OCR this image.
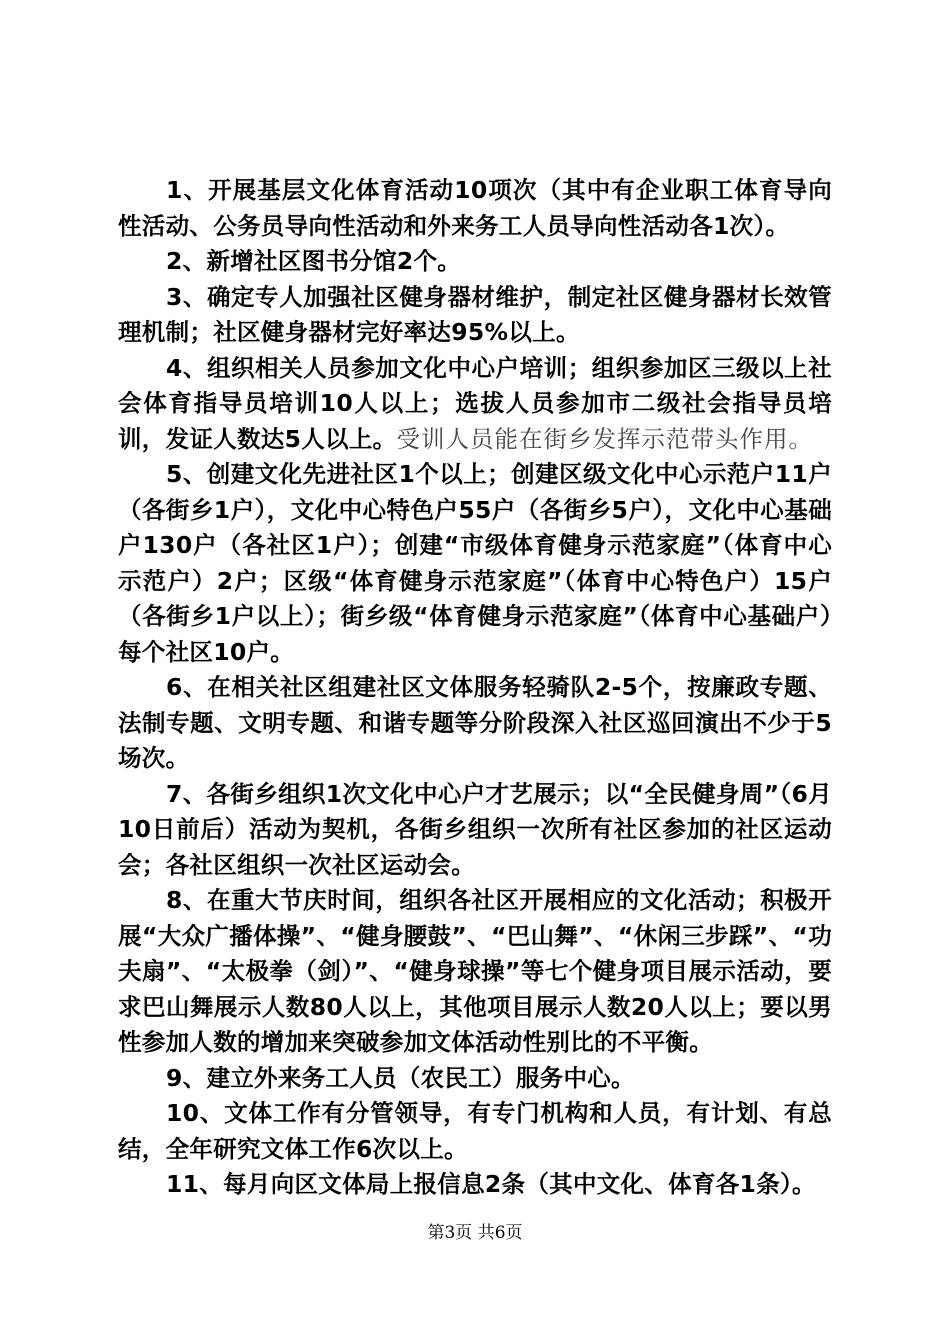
1、开展基层文化体育活动10项次（其中有企业职工体育导向性活动、公务员导向性活动和外来务工人员导向性活动各1次）。

2、新增社区图书分馆2个。

3、确定专人加强社区健身器材维护，制定社区健身器材长效管理机制；社区健身器材完好率达95%以上。

4、组织相关人员参加文化中心户培训；组织参加区三级以上社会体育指导员培训10人以上；选拔人员参加市二级社会指导员培训，发证人数达5人以上。受训人员能在街乡发挥示范带头作用。

5、创建文化先进社区1个以上；创建区级文化中心示范户11户（各街乡1户），文化中心特色户55户（各街乡5户），文化中心基础户130户（各社区1户）；创建“市级体育健身示范家庭”（体育中心示范户）2户；区级“体育健身示范家庭”（体育中心特色户）15户（各街乡1户以上）；街乡级“体育健身示范家庭”（体育中心基础户）每个社区10户。

6、在相关社区组建社区文体服务轻骑队2-5个，按廉政专题、法制专题、文明专题、和谐专题等分阶段深入社区巡回演出不少于5场次。

7、各街乡组织1次文化中心户才艺展示；以“全民健身周”（6月10日前后）活动为契机，各街乡组织一次所有社区参加的社区运动会；各社区组织一次社区运动会。

8、在重大节庆时间，组织各社区开展相应的文化活动；积极开展“大众广播体操”、“健身腰鼓”、“巴山舞”、“休闲三步踩”、“功夫扇”、“太极拳（剑）”、“健身球操”等七个健身项目展示活动，要求巴山舞展示人数80人以上，其他项目展示人数20人以上；要以男性参加人数的增加来突破参加文体活动性别比的不平衡。

9、建立外来务工人员（农民工）服务中心。

10、文体工作有分管领导，有专门机构和人员，有计划、有总结，全年研究文体工作6次以上。

11、每月向区文体局上报信息2条（其中文化、体育各1条）。

第3页 共6页
